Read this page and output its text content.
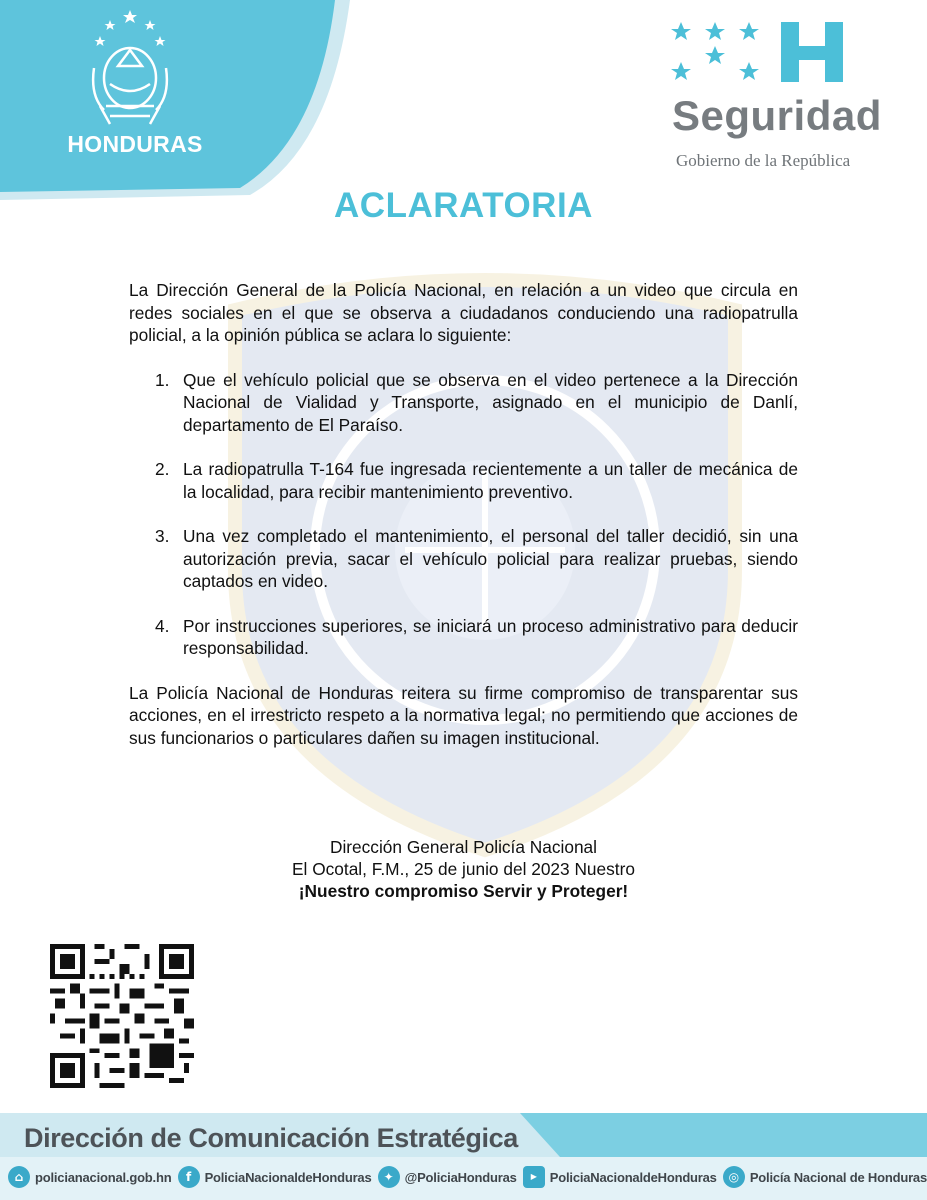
HONDURAS
Seguridad
Gobierno de la República
ACLARATORIA

La Dirección General de la Policía Nacional, en relación a un video que circula en redes sociales en el que se observa a ciudadanos conduciendo una radiopatrulla policial, a la opinión pública se aclara lo siguiente:

1. Que el vehículo policial que se observa en el video pertenece a la Dirección Nacional de Vialidad y Transporte, asignado en el municipio de Danlí, departamento de El Paraíso.
2. La radiopatrulla T-164 fue ingresada recientemente a un taller de mecánica de la localidad, para recibir mantenimiento preventivo.
3. Una vez completado el mantenimiento, el personal del taller decidió, sin una autorización previa, sacar el vehículo policial para realizar pruebas, siendo captados en video.
4. Por instrucciones superiores, se iniciará un proceso administrativo para deducir responsabilidad.

La Policía Nacional de Honduras reitera su firme compromiso de transparentar sus acciones, en el irrestricto respeto a la normativa legal; no permitiendo que acciones de sus funcionarios o particulares dañen su imagen institucional.

Dirección General Policía Nacional
El Ocotal, F.M., 25 de junio del 2023 Nuestro
¡Nuestro compromiso Servir y Proteger!
Dirección de Comunicación Estratégica
⌂ policianacional.gob.hn	f	PoliciaNacionaldeHonduras	✦ @PoliciaHonduras	▶ PoliciaNacionaldeHonduras ◎ Policía Nacional de Honduras
